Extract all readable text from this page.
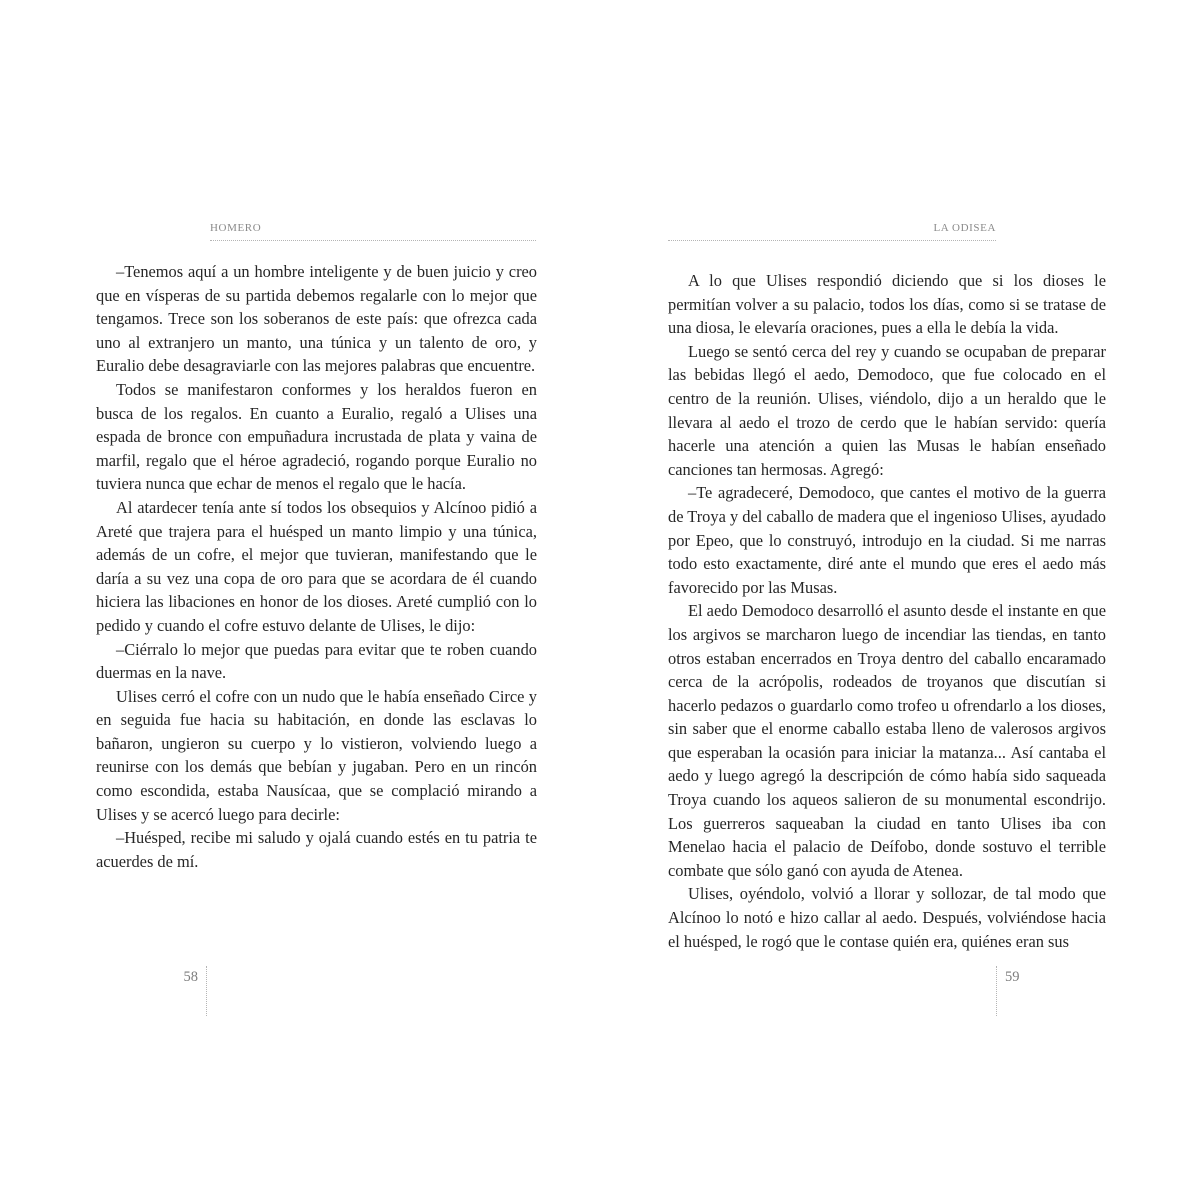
HOMERO

–Tenemos aquí a un hombre inteligente y de buen juicio y creo que en vísperas de su partida debemos regalarle con lo mejor que tengamos. Trece son los soberanos de este país: que ofrezca cada uno al extranjero un manto, una túnica y un talento de oro, y Euralio debe desagraviarle con las mejores palabras que encuentre.

Todos se manifestaron conformes y los heraldos fueron en busca de los regalos. En cuanto a Euralio, regaló a Ulises una espada de bronce con empuñadura incrustada de plata y vaina de marfil, regalo que el héroe agradeció, rogando porque Euralio no tuviera nunca que echar de menos el regalo que le hacía.

Al atardecer tenía ante sí todos los obsequios y Alcínoo pidió a Areté que trajera para el huésped un manto limpio y una túnica, además de un cofre, el mejor que tuvieran, manifestando que le daría a su vez una copa de oro para que se acordara de él cuando hiciera las libaciones en honor de los dioses. Areté cumplió con lo pedido y cuando el cofre estuvo delante de Ulises, le dijo:

–Ciérralo lo mejor que puedas para evitar que te roben cuando duermas en la nave.

Ulises cerró el cofre con un nudo que le había enseñado Circe y en seguida fue hacia su habitación, en donde las esclavas lo bañaron, ungieron su cuerpo y lo vistieron, volviendo luego a reunirse con los demás que bebían y jugaban. Pero en un rincón como escondida, estaba Nausícaa, que se complació mirando a Ulises y se acercó luego para decirle:

–Huésped, recibe mi saludo y ojalá cuando estés en tu patria te acuerdes de mí.

58
LA ODISEA

A lo que Ulises respondió diciendo que si los dioses le permitían volver a su palacio, todos los días, como si se tratase de una diosa, le elevaría oraciones, pues a ella le debía la vida.

Luego se sentó cerca del rey y cuando se ocupaban de preparar las bebidas llegó el aedo, Demodoco, que fue colocado en el centro de la reunión. Ulises, viéndolo, dijo a un heraldo que le llevara al aedo el trozo de cerdo que le habían servido: quería hacerle una atención a quien las Musas le habían enseñado canciones tan hermosas. Agregó:

–Te agradeceré, Demodoco, que cantes el motivo de la guerra de Troya y del caballo de madera que el ingenioso Ulises, ayudado por Epeo, que lo construyó, introdujo en la ciudad. Si me narras todo esto exactamente, diré ante el mundo que eres el aedo más favorecido por las Musas.

El aedo Demodoco desarrolló el asunto desde el instante en que los argivos se marcharon luego de incendiar las tiendas, en tanto otros estaban encerrados en Troya dentro del caballo encaramado cerca de la acrópolis, rodeados de troyanos que discutían si hacerlo pedazos o guardarlo como trofeo u ofrendarlo a los dioses, sin saber que el enorme caballo estaba lleno de valerosos argivos que esperaban la ocasión para iniciar la matanza... Así cantaba el aedo y luego agregó la descripción de cómo había sido saqueada Troya cuando los aqueos salieron de su monumental escondrijo. Los guerreros saqueaban la ciudad en tanto Ulises iba con Menelao hacia el palacio de Deífobo, donde sostuvo el terrible combate que sólo ganó con ayuda de Atenea.

Ulises, oyéndolo, volvió a llorar y sollozar, de tal modo que Alcínoo lo notó e hizo callar al aedo. Después, volviéndose hacia el huésped, le rogó que le contase quién era, quiénes eran sus

59
